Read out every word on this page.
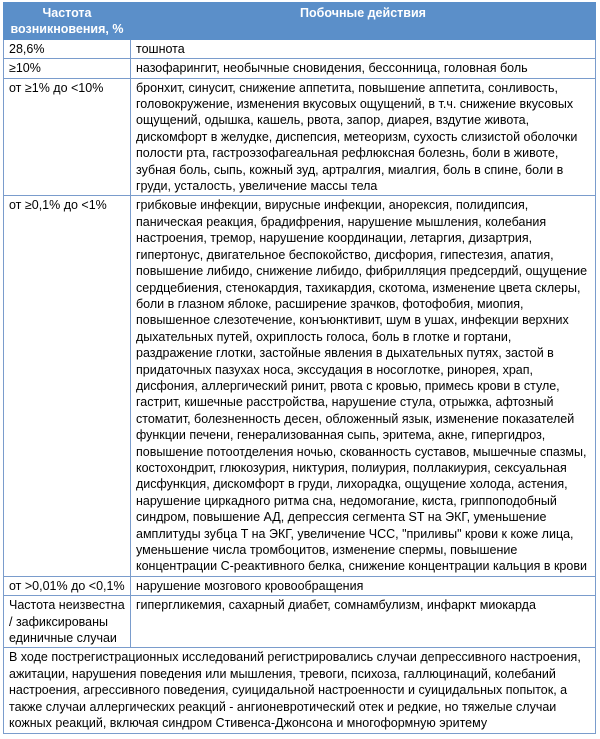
Частота возникновения, %	Побочные действия
28,6%	тошнота
≥10%	назофарингит, необычные сновидения, бессонница, головная боль
от ≥1% до <10%	бронхит, синусит, снижение аппетита, повышение аппетита, сонливость, головокружение, изменения вкусовых ощущений, в т.ч. снижение вкусовых ощущений, одышка, кашель, рвота, запор, диарея, вздутие живота, дискомфорт в желудке, диспепсия, метеоризм, сухость слизистой оболочки полости рта, гастроэзофагеальная рефлюксная болезнь, боли в животе, зубная боль, сыпь, кожный зуд, артралгия, миалгия, боль в спине, боли в груди, усталость, увеличение массы тела
от ≥0,1% до <1%	грибковые инфекции, вирусные инфекции, анорексия, полидипсия, паническая реакция, брадифрения, нарушение мышления, колебания настроения, тремор, нарушение координации, летаргия, дизартрия, гипертонус, двигательное беспокойство, дисфория, гипестезия, апатия, повышение либидо, снижение либидо, фибрилляция предсердий, ощущение сердцебиения, стенокардия, тахикардия, скотома, изменение цвета склеры, боли в глазном яблоке, расширение зрачков, фотофобия, миопия, повышенное слезотечение, конъюнктивит, шум в ушах, инфекции верхних дыхательных путей, охриплость голоса, боль в глотке и гортани, раздражение глотки, застойные явления в дыхательных путях, застой в придаточных пазухах носа, экссудация в носоглотке, ринорея, храп, дисфония, аллергический ринит, рвота с кровью, примесь крови в стуле, гастрит, кишечные расстройства, нарушение стула, отрыжка, афтозный стоматит, болезненность десен, обложенный язык, изменение показателей функции печени, генерализованная сыпь, эритема, акне, гипергидроз, повышение потоотделения ночью, скованность суставов, мышечные спазмы, костохондрит, глюкозурия, никтурия, полиурия, поллакиурия, сексуальная дисфункция, дискомфорт в груди, лихорадка, ощущение холода, астения, нарушение циркадного ритма сна, недомогание, киста, гриппоподобный синдром, повышение АД, депрессия сегмента ST на ЭКГ, уменьшение амплитуды зубца T на ЭКГ, увеличение ЧСС, "приливы" крови к коже лица, уменьшение числа тромбоцитов, изменение спермы, повышение концентрации С-реактивного белка, снижение концентрации кальция в крови
от >0,01% до <0,1%	нарушение мозгового кровообращения
Частота неизвестна / зафиксированы единичные случаи	гипергликемия, сахарный диабет, сомнамбулизм, инфаркт миокарда
В ходе пострегистрационных исследований регистрировались случаи депрессивного настроения, ажитации, нарушения поведения или мышления, тревоги, психоза, галлюцинаций, колебаний настроения, агрессивного поведения, суицидальной настроенности и суицидальных попыток, а также случаи аллергических реакций - ангионевротический отек и редкие, но тяжелые случаи кожных реакций, включая синдром Стивенса-Джонсона и многоформную эритему	
